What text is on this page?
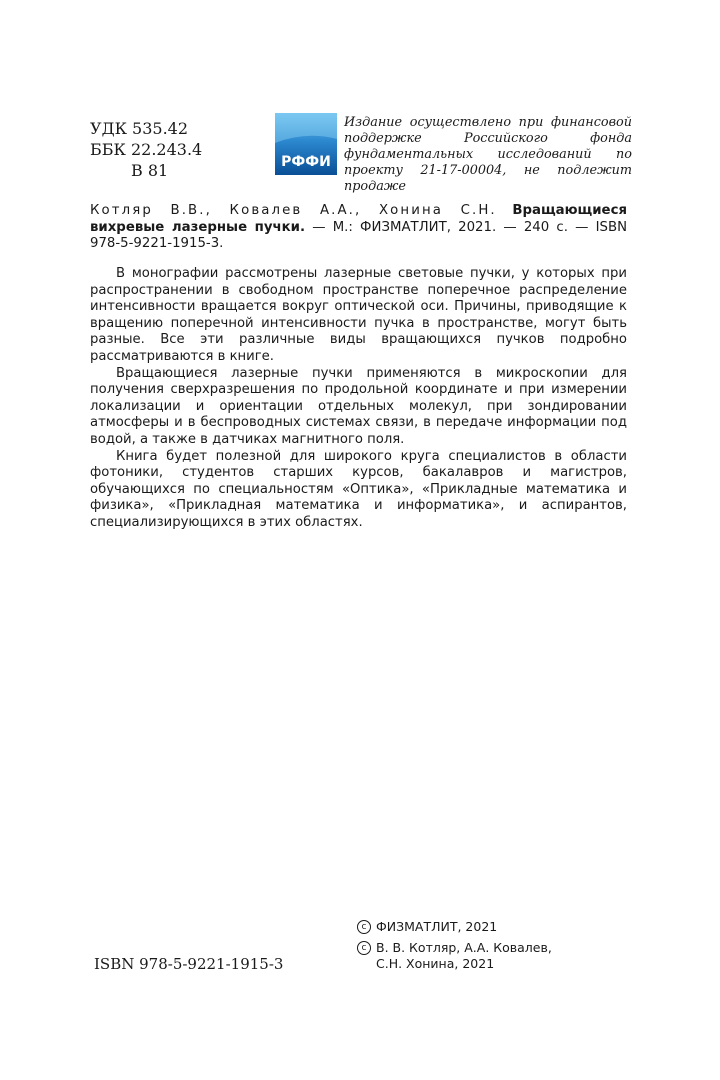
УДК 535.42
ББК 22.243.4
В 81	РФФИ
Издание осуществлено при финансовой поддержке Российского фонда фундаментальных исследований по проекту 21-17-00004, не подлежит продаже
Котляр В.В., Ковалев А.А., Хонина С.Н. Вращающиеся вихревые лазерные пучки. — М.: ФИЗМАТЛИТ, 2021. — 240 с. — ISBN 978-5-9221-1915-3.

В монографии рассмотрены лазерные световые пучки, у которых при распространении в свободном пространстве поперечное распределение интенсивности вращается вокруг оптической оси. Причины, приводящие к вращению поперечной интенсивности пучка в пространстве, могут быть разные. Все эти различные виды вращающихся пучков подробно рассматриваются в книге.

Вращающиеся лазерные пучки применяются в микроскопии для получения сверхразрешения по продольной координате и при измерении локализации и ориентации отдельных молекул, при зондировании атмосферы и в беспроводных системах связи, в передаче информации под водой, а также в датчиках магнитного поля.

Книга будет полезной для широкого круга специалистов в области фотоники, студентов старших курсов, бакалавров и магистров, обучающихся по специальностям «Оптика», «Прикладные математика и физика», «Прикладная математика и информатика», и аспирантов, специализирующихся в этих областях.

ISBN 978-5-9221-1915-3
c ФИЗМАТЛИТ, 2021
c В. В. Котляр, А.А. Ковалев,
С.Н. Хонина, 2021
